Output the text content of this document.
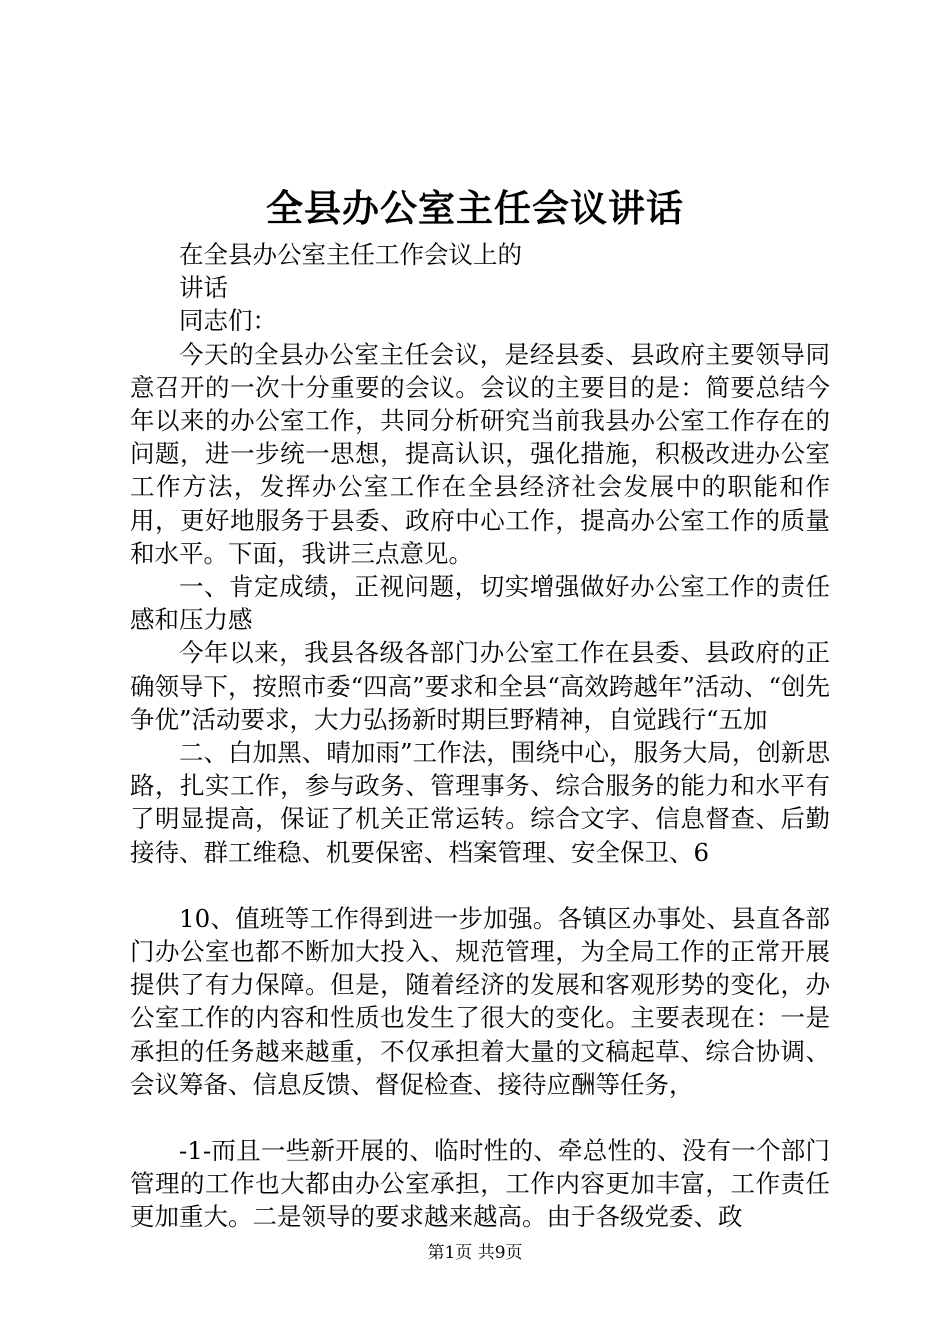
全县办公室主任会议讲话

在全县办公室主任工作会议上的

讲话

同志们：

今天的全县办公室主任会议，是经县委、县政府主要领导同意召开的一次十分重要的会议。会议的主要目的是：简要总结今年以来的办公室工作，共同分析研究当前我县办公室工作存在的问题，进一步统一思想，提高认识，强化措施，积极改进办公室工作方法，发挥办公室工作在全县经济社会发展中的职能和作用，更好地服务于县委、政府中心工作，提高办公室工作的质量和水平。下面，我讲三点意见。

一、肯定成绩，正视问题，切实增强做好办公室工作的责任感和压力感

今年以来，我县各级各部门办公室工作在县委、县政府的正确领导下，按照市委“四高”要求和全县“高效跨越年”活动、“创先争优”活动要求，大力弘扬新时期巨野精神，自觉践行“五加

二、白加黑、晴加雨”工作法，围绕中心，服务大局，创新思路，扎实工作，参与政务、管理事务、综合服务的能力和水平有了明显提高，保证了机关正常运转。综合文字、信息督查、后勤接待、群工维稳、机要保密、档案管理、安全保卫、6

10、值班等工作得到进一步加强。各镇区办事处、县直各部门办公室也都不断加大投入、规范管理，为全局工作的正常开展提供了有力保障。但是，随着经济的发展和客观形势的变化，办公室工作的内容和性质也发生了很大的变化。主要表现在：一是承担的任务越来越重，不仅承担着大量的文稿起草、综合协调、会议筹备、信息反馈、督促检查、接待应酬等任务，

-1-而且一些新开展的、临时性的、牵总性的、没有一个部门管理的工作也大都由办公室承担，工作内容更加丰富，工作责任更加重大。二是领导的要求越来越高。由于各级党委、政

第1页 共9页
